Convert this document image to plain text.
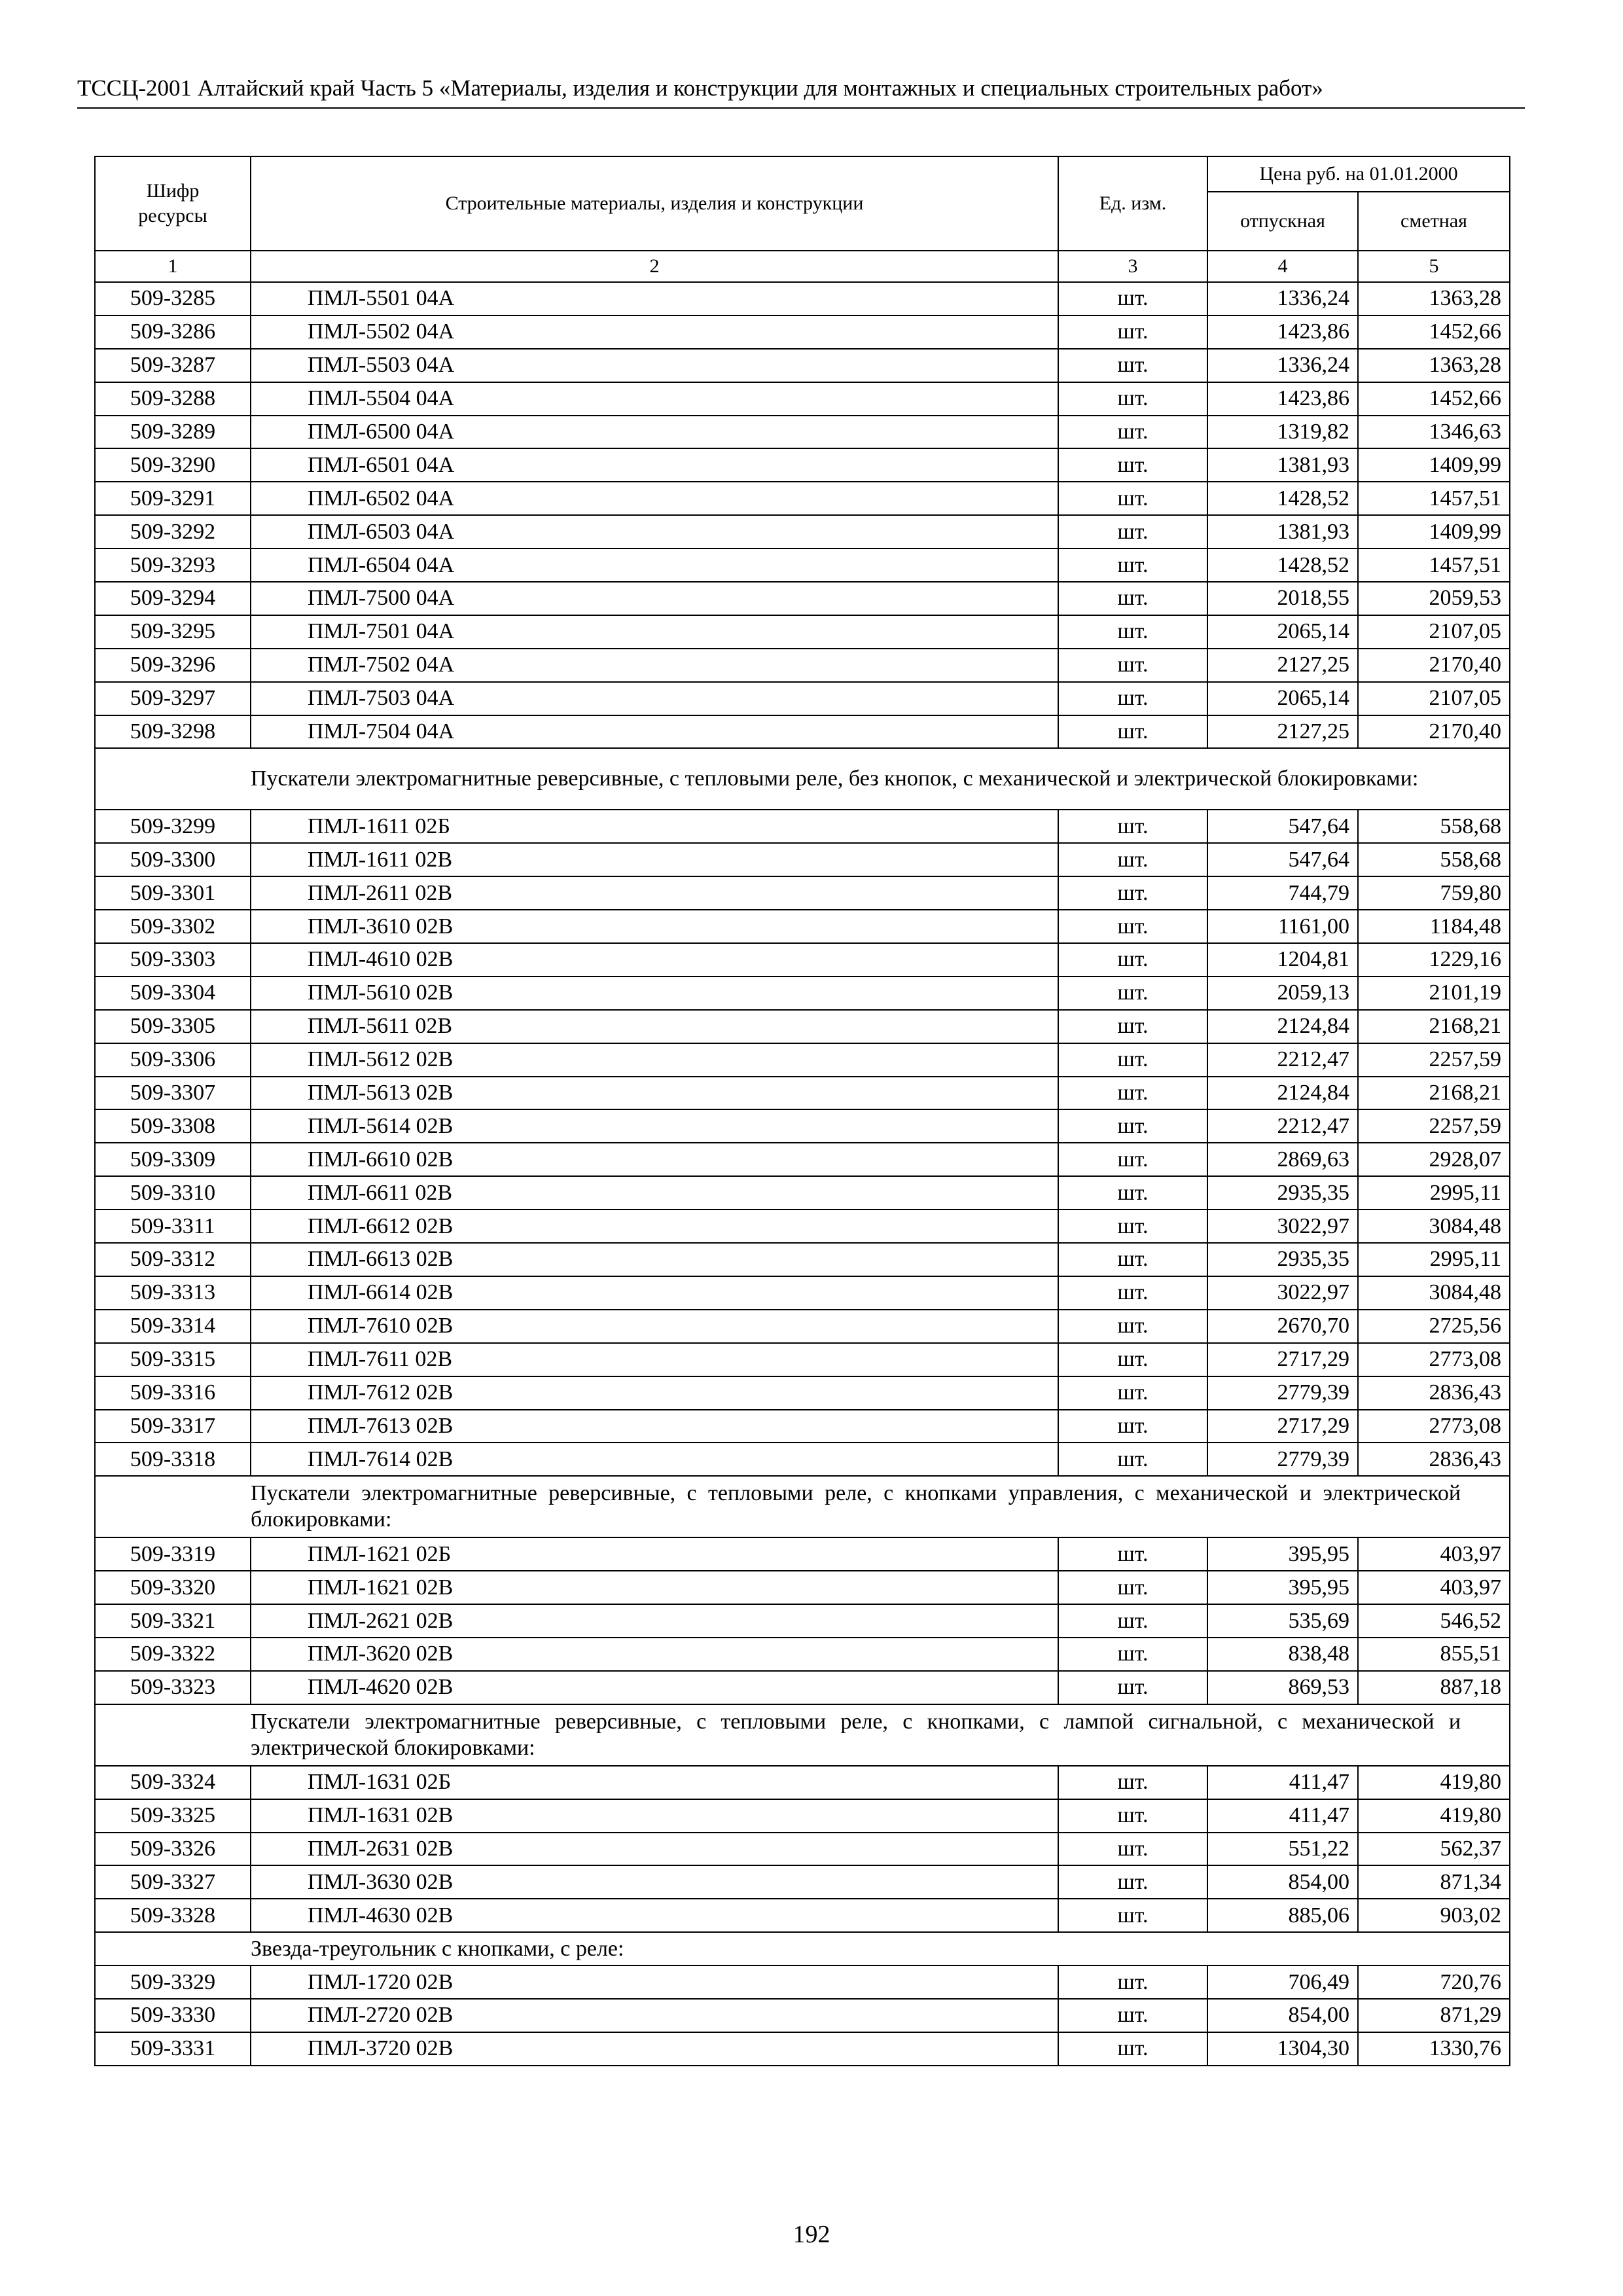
ТССЦ-2001 Алтайский край Часть 5 «Материалы, изделия и конструкции для монтажных и специальных строительных работ»
Шифр ресурсы	Строительные материалы, изделия и конструкции	Ед. изм.	Цена руб. на 01.01.2000	
			отпускная	сметная
1	2	3	4	5
509-3285	ПМЛ-5501 04А	шт.	1336,24	1363,28
509-3286	ПМЛ-5502 04А	шт.	1423,86	1452,66
509-3287	ПМЛ-5503 04А	шт.	1336,24	1363,28
509-3288	ПМЛ-5504 04А	шт.	1423,86	1452,66
509-3289	ПМЛ-6500 04А	шт.	1319,82	1346,63
509-3290	ПМЛ-6501 04А	шт.	1381,93	1409,99
509-3291	ПМЛ-6502 04А	шт.	1428,52	1457,51
509-3292	ПМЛ-6503 04А	шт.	1381,93	1409,99
509-3293	ПМЛ-6504 04А	шт.	1428,52	1457,51
509-3294	ПМЛ-7500 04А	шт.	2018,55	2059,53
509-3295	ПМЛ-7501 04А	шт.	2065,14	2107,05
509-3296	ПМЛ-7502 04А	шт.	2127,25	2170,40
509-3297	ПМЛ-7503 04А	шт.	2065,14	2107,05
509-3298	ПМЛ-7504 04А	шт.	2127,25	2170,40
	Пускатели электромагнитные реверсивные, с тепловыми реле, без кнопок, с механической и электрической блокировками:			
509-3299	ПМЛ-1611 02Б	шт.	547,64	558,68
509-3300	ПМЛ-1611 02В	шт.	547,64	558,68
509-3301	ПМЛ-2611 02В	шт.	744,79	759,80
509-3302	ПМЛ-3610 02В	шт.	1161,00	1184,48
509-3303	ПМЛ-4610 02В	шт.	1204,81	1229,16
509-3304	ПМЛ-5610 02В	шт.	2059,13	2101,19
509-3305	ПМЛ-5611 02В	шт.	2124,84	2168,21
509-3306	ПМЛ-5612 02В	шт.	2212,47	2257,59
509-3307	ПМЛ-5613 02В	шт.	2124,84	2168,21
509-3308	ПМЛ-5614 02В	шт.	2212,47	2257,59
509-3309	ПМЛ-6610 02В	шт.	2869,63	2928,07
509-3310	ПМЛ-6611 02В	шт.	2935,35	2995,11
509-3311	ПМЛ-6612 02В	шт.	3022,97	3084,48
509-3312	ПМЛ-6613 02В	шт.	2935,35	2995,11
509-3313	ПМЛ-6614 02В	шт.	3022,97	3084,48
509-3314	ПМЛ-7610 02В	шт.	2670,70	2725,56
509-3315	ПМЛ-7611 02В	шт.	2717,29	2773,08
509-3316	ПМЛ-7612 02В	шт.	2779,39	2836,43
509-3317	ПМЛ-7613 02В	шт.	2717,29	2773,08
509-3318	ПМЛ-7614 02В	шт.	2779,39	2836,43
	Пускатели электромагнитные реверсивные, с тепловыми реле, с кнопками управления, с механической и электрической блокировками:			
509-3319	ПМЛ-1621 02Б	шт.	395,95	403,97
509-3320	ПМЛ-1621 02В	шт.	395,95	403,97
509-3321	ПМЛ-2621 02В	шт.	535,69	546,52
509-3322	ПМЛ-3620 02В	шт.	838,48	855,51
509-3323	ПМЛ-4620 02В	шт.	869,53	887,18
	Пускатели электромагнитные реверсивные, с тепловыми реле, с кнопками, с лампой сигнальной, с механической и электрической блокировками:			
509-3324	ПМЛ-1631 02Б	шт.	411,47	419,80
509-3325	ПМЛ-1631 02В	шт.	411,47	419,80
509-3326	ПМЛ-2631 02В	шт.	551,22	562,37
509-3327	ПМЛ-3630 02В	шт.	854,00	871,34
509-3328	ПМЛ-4630 02В	шт.	885,06	903,02
	Звезда-треугольник с кнопками, с реле:			
509-3329	ПМЛ-1720 02В	шт.	706,49	720,76
509-3330	ПМЛ-2720 02В	шт.	854,00	871,29
509-3331	ПМЛ-3720 02В	шт.	1304,30	1330,76
192
